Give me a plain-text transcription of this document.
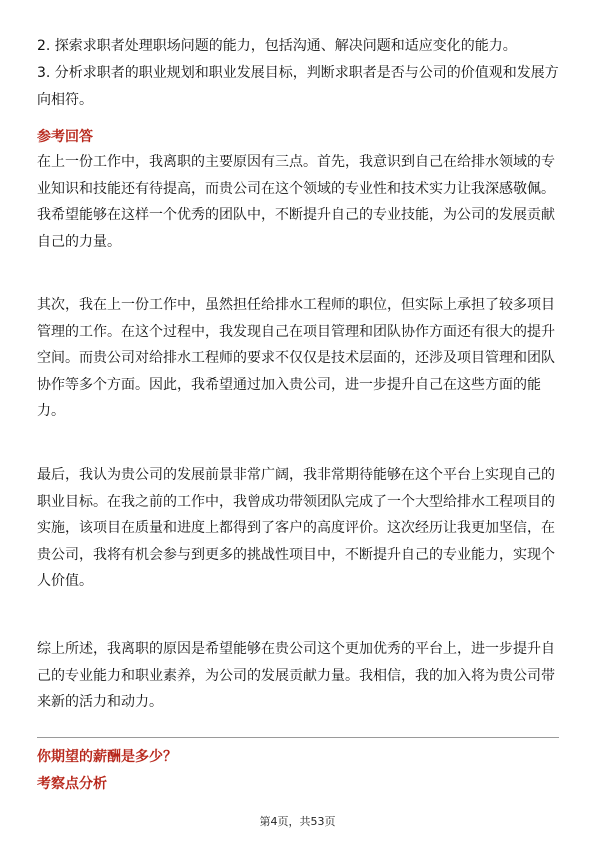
2. 探索求职者处理职场问题的能力，包括沟通、解决问题和适应变化的能力。
3. 分析求职者的职业规划和职业发展目标，判断求职者是否与公司的价值观和发展方向相符。
参考回答
在上一份工作中，我离职的主要原因有三点。首先，我意识到自己在给排水领域的专业知识和技能还有待提高，而贵公司在这个领域的专业性和技术实力让我深感敬佩。我希望能够在这样一个优秀的团队中，不断提升自己的专业技能，为公司的发展贡献自己的力量。
其次，我在上一份工作中，虽然担任给排水工程师的职位，但实际上承担了较多项目管理的工作。在这个过程中，我发现自己在项目管理和团队协作方面还有很大的提升空间。而贵公司对给排水工程师的要求不仅仅是技术层面的，还涉及项目管理和团队协作等多个方面。因此，我希望通过加入贵公司，进一步提升自己在这些方面的能力。
最后，我认为贵公司的发展前景非常广阔，我非常期待能够在这个平台上实现自己的职业目标。在我之前的工作中，我曾成功带领团队完成了一个大型给排水工程项目的实施，该项目在质量和进度上都得到了客户的高度评价。这次经历让我更加坚信，在贵公司，我将有机会参与到更多的挑战性项目中，不断提升自己的专业能力，实现个人价值。
综上所述，我离职的原因是希望能够在贵公司这个更加优秀的平台上，进一步提升自己的专业能力和职业素养，为公司的发展贡献力量。我相信，我的加入将为贵公司带来新的活力和动力。
你期望的薪酬是多少？
考察点分析
第4页，共53页
